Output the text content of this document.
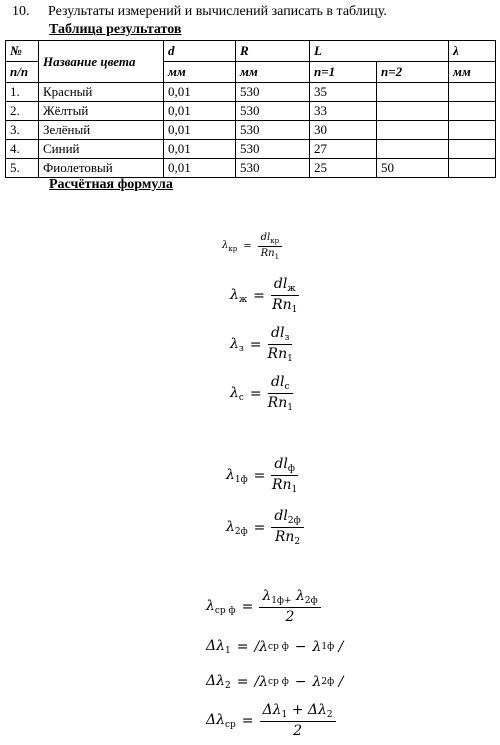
10. Результаты измерений и вычислений записать в таблицу.
Таблица результатов
№	Название цвета	d	R	L		λ
п/п		мм	мм	n=1	n=2	мм
1.	Красный	0,01	530	35		
2.	Жёлтый	0,01	530	33		
3.	Зелёный	0,01	530	30		
4.	Синий	0,01	530	27		
5.	Фиолетовый	0,01	530	25	50	
Расчётная формула
$\lambda_{кр} = \frac{dl_{кр}}{Rn_1}$
$\lambda_ж = \frac{dl_ж}{Rn_1}$
$\lambda_з = \frac{dl_з}{Rn_1}$
$\lambda_с = \frac{dl_с}{Rn_1}$
$\lambda_{1ф} = \frac{dl_ф}{Rn_1}$
$\lambda_{2ф} = \frac{dl_{2ф}}{Rn_2}$
$\lambda_{ср ф} = \frac{\lambda_{1ф+} \lambda_{2ф}}{2}$
$\Delta\lambda_1$ = / λ ср ф − λ 1ф
/
$\Delta\lambda_2$ = / λ ср ф − λ 2ф
/
$\Delta\lambda_{ср} = \frac{\Delta\lambda_1 + \Delta\lambda_2}{2}$
